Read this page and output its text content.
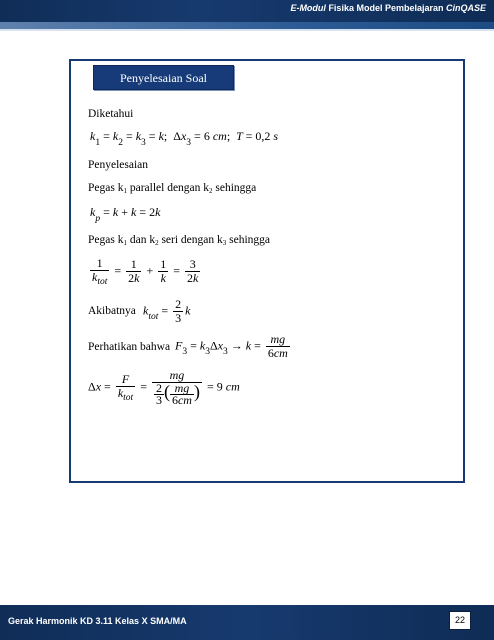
E-Modul Fisika Model Pembelajaran CinQASE
Penyelesaian Soal
Diketahui
$k_1 = k_2 = k_3 = k$; $\Delta x_3 = 6$ cm;  T = 0,2 s
Penyelesaian
Pegas k1 parallel dengan k2 sehingga
$k_p = k + k = 2k$
Pegas k1 dan k2 seri dengan k3 sehingga
$\frac{1}{k_{tot}} = \frac{1}{2k} + \frac{1}{k} = \frac{3}{2k}$
Akibatnya $k_{tot} = \frac{2}{3}$ k
Perhatikan bahwa $F_3 = k_3\Delta x_3 \to k = \frac{mg}{6cm}$
$\Delta x = \frac{F}{k_{tot}} = \frac{mg}{\frac{2}{3} ( \frac{mg}{6cm} )} = 9$ cm
Gerak Harmonik KD 3.11 Kelas X SMA/MA	22
